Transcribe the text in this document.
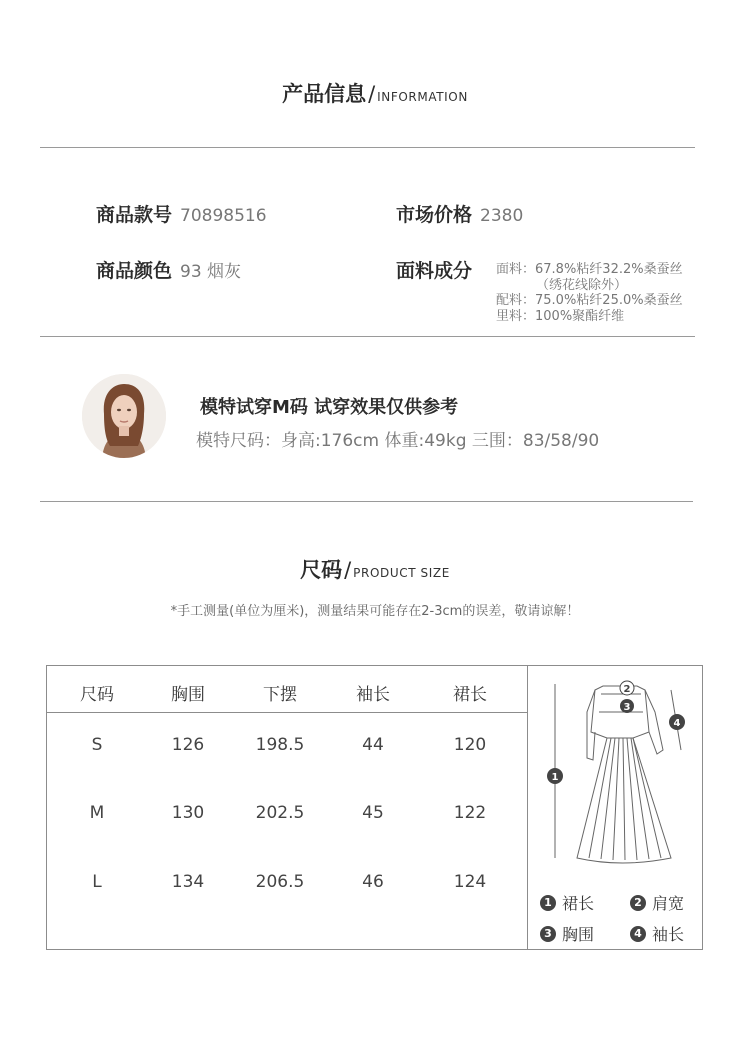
产品信息/ INFORMATION
商品款号 70898516	市场价格 2380
商品颜色 93 烟灰	面料成分 面料：67.8%粘纤32.2%桑蚕丝
（绣花线除外）
配料：75.0%粘纤25.0%桑蚕丝
里料：100%聚酯纤维
模特试穿M码 试穿效果仅供参考
模特尺码：身高:176cm 体重:49kg 三围：83/58/90
尺码/ PRODUCT SIZE
*手工测量(单位为厘米)，测量结果可能存在2-3cm的误差，敬请谅解！
尺码	胸围	下摆	袖长	裙长
S	126	198.5	44	120
M	130	202.5	45	122
L	134	206.5	46	124
2
3
4
1
1 裙长	2 肩宽
3 胸围	4 袖长
